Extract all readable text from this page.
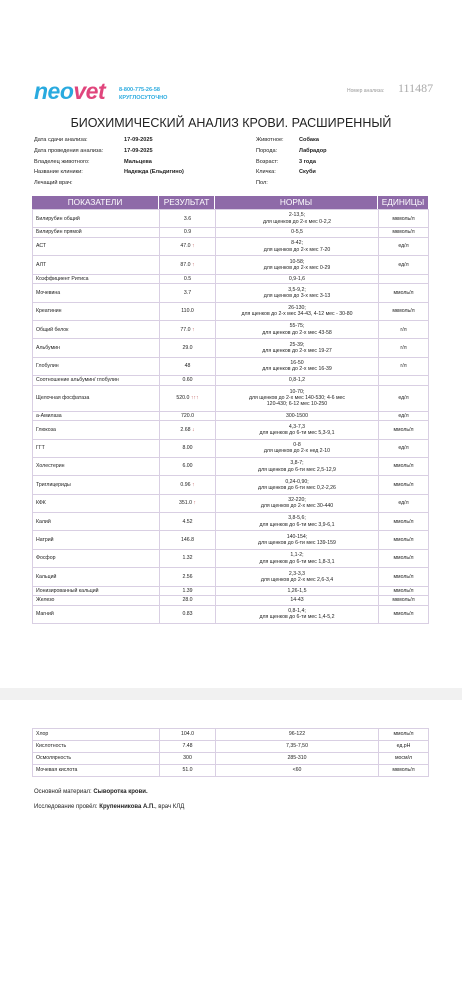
neovet	8-800-775-26-58
КРУГЛОСУТОЧНО
Номер анализа: 111487
БИОХИМИЧЕСКИЙ АНАЛИЗ КРОВИ. РАСШИРЕННЫЙ
Дата сдачи анализа:	17-09-2025
Дата проведения анализа:	17-09-2025
Владелец животного:	Мальцева
Название клиники:	Надежда (Ельдигино)
Лечащий врач:
Животное:	Собака
Порода:	Лабрадор
Возраст:	3 года
Кличка:	Скуби
Пол:
ПОКАЗАТЕЛИ	РЕЗУЛЬТАТ	НОРМЫ	ЕДИНИЦЫ
Билирубин общий	3.6	2-13,5;
для щенков до 2-х мес 0-2,2	мкмоль/л
Билирубин прямой	0.9	0-5,5	мкмоль/л
АСТ	47.0 ↑	8-42;
для щенков до 2-х мес 7-20	ед/л
АЛТ	87.0 ↑	10-58;
для щенков до 2-х мес 0-29	ед/л
Коэффициент Ритиса	0.5	0,9-1,6	

Мочевина	3.7	3,5-9,2;
для щенков до 3-х мес 3-13	ммоль/л
Креатинин	110.0	26-130;
для щенков до 2-х мес 34-43, 4-12 мес - 30-80	мкмоль/л
Общий белок	77.0 ↑	55-75;
для щенков до 2-х мес 43-58	г/л
Альбумин	29.0	25-39;
для щенков до 2-х мес 19-27	г/л
Глобулин	48	16-50
для щенков до 2-х мес 16-39	г/л
Соотношение альбумин/ глобулин	0.60	0,8-1,2	

Щелочная фосфатаза	520.0 ↑↑↑	10-70;
для щенков до 2-х мес 140-530; 4-6 мес
120-430; 6-12 мес 10-250	ед/л
а-Амилаза	720.0	300-1500	ед/л
Глюкоза	2.68 ↓	4,3-7,3
для щенков до 6-ти мес 5,3-9,1	ммоль/л
ГГТ	8.00	0-8
для щенков до 2-х нед 2-10	ед/л
Холестерин	6.00	3,8-7;
для щенков до 6-ти мес 2,5-12,9	ммоль/л
Триглицериды	0.96 ↑	0,24-0,90;
для щенков до 6-ти мес 0,2-2,26	ммоль/л
КФК	351.0 ↑	32-220;
для щенков до 2-х мес 30-440	ед/л
Калий	4.52	3,8-5,6;
для щенков до 6-ти мес 3,9-6,1	ммоль/л
Натрий	146.8	140-154;
для щенков до 6-ти мес 139-159	ммоль/л
Фосфор	1.32	1,1-2;
для щенков до 6-ти мес 1,8-3,1	ммоль/л
Кальций	2.56	2,3-3,3
для щенков до 2-х мес 2,6-3,4	ммоль/л
Ионизированный кальций	1.39	1,26-1,5	ммоль/л
Железо	28.0	14-43	мкмоль/л
Магний	0.83	0,8-1,4;
для щенков до 6-ти мес 1,4-5,2	ммоль/л
Хлор	104.0	96-122	ммоль/л
Кислотность	7.48	7,35-7,50	ед.pH
Осмолярность	300	285-310	мосм/л
Мочевая кислота	51.0	<60	мкмоль/л
Основной материал: Сыворотка крови.
Исследование провёл: Крупенникова А.П., врач КЛД
